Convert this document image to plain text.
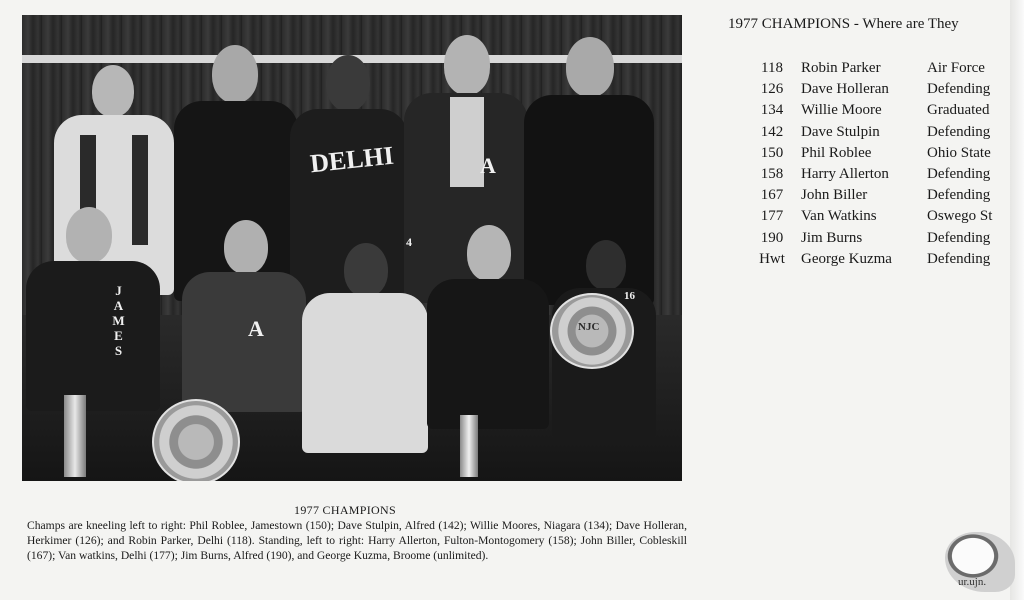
DELHI	A
JAMES	A
4
16
NJC
1977 CHAMPIONS
Champs are kneeling left to right: Phil Roblee, Jamestown (150); Dave Stulpin, Alfred (142); Willie Moores, Niagara (134); Dave Holleran, Herkimer (126); and Robin Parker, Delhi (118). Standing, left to right: Harry Allerton, Fulton-Montogomery (158); John Biller, Cobleskill (167); Van watkins, Delhi (177); Jim Burns, Alfred (190), and George Kuzma, Broome (unlimited).
1977 CHAMPIONS - Where are They
118	Robin Parker	Air Force
126	Dave Holleran	Defending
134	Willie Moore	Graduated
142	Dave Stulpin	Defending
150	Phil Roblee	Ohio State
158	Harry Allerton	Defending
167	John Biller	Defending
177	Van Watkins	Oswego St
190	Jim Burns	Defending
Hwt	George Kuzma	Defending
ur.ujn.
